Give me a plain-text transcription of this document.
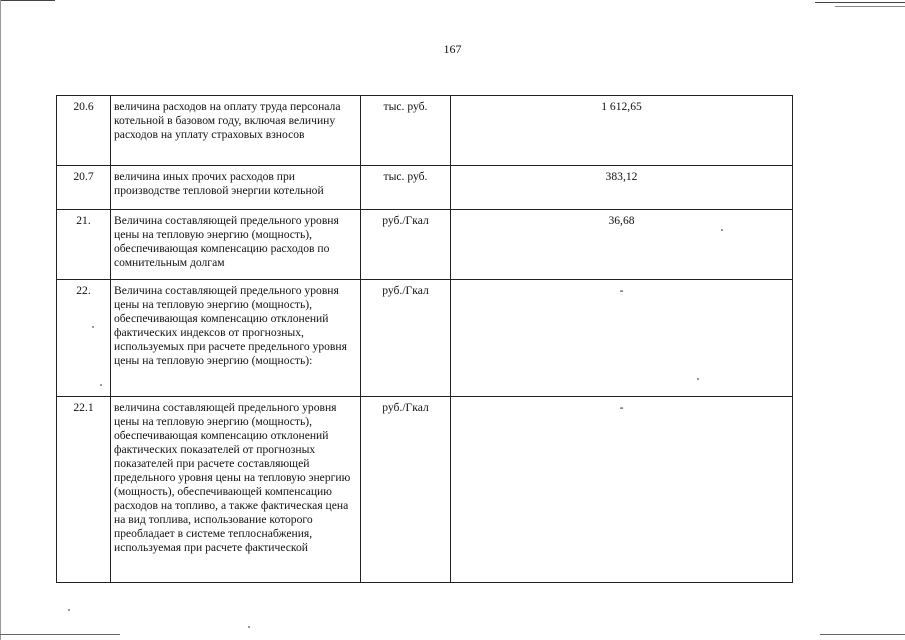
167
20.6	величина расходов на оплату труда персонала котельной в базовом году, включая величину расходов на уплату страховых взносов	тыс. руб.	1 612,65
20.7	величина иных прочих расходов при производстве тепловой энергии котельной	тыс. руб.	383,12
21.	Величина составляющей предельного уровня цены на тепловую энергию (мощность), обеспечивающая компенсацию расходов по сомнительным долгам	руб./Гкал	36,68
22.	Величина составляющей предельного уровня цены на тепловую энергию (мощность), обеспечивающая компенсацию отклонений фактических индексов от прогнозных, используемых при расчете предельного уровня цены на тепловую энергию (мощность):	руб./Гкал	-
22.1	величина составляющей предельного уровня цены на тепловую энергию (мощность), обеспечивающая компенсацию отклонений фактических показателей от прогнозных показателей при расчете составляющей предельного уровня цены на тепловую энергию (мощность), обеспечивающей компенсацию расходов на топливо, а также фактическая цена на вид топлива, использование которого преобладает в системе теплоснабжения, используемая при расчете фактической	руб./Гкал	-
